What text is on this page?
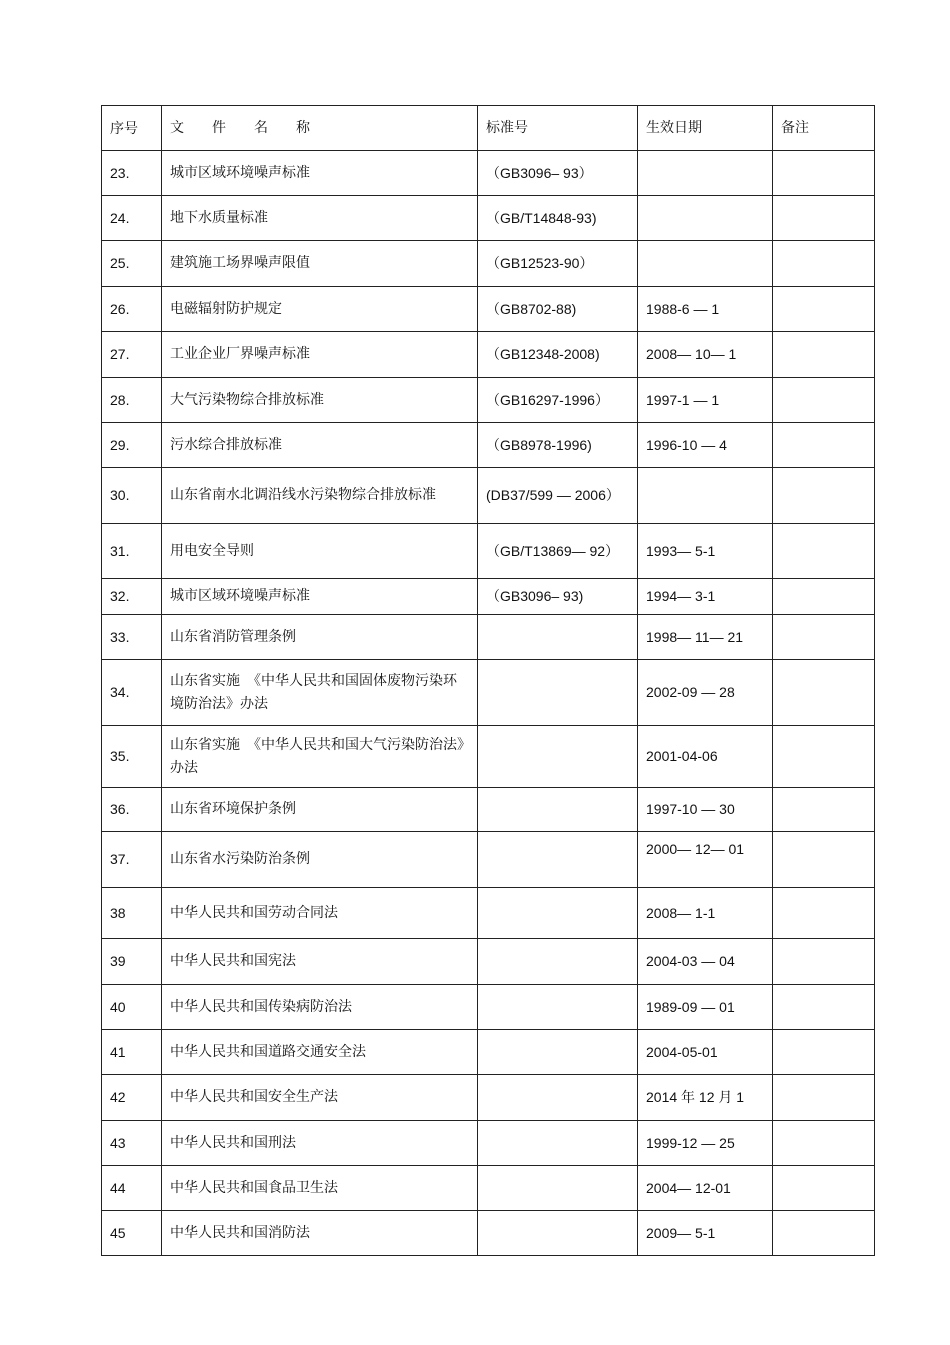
序号	文　　件　　名　　称	标准号	生效日期	备注
23.	城市区域环境噪声标准	（GB3096– 93）		
24.	地下水质量标准	（GB/T14848-93)		
25.	建筑施工场界噪声限值	（GB12523-90）		
26.	电磁辐射防护规定	（GB8702-88)	1988-6 — 1	
27.	工业企业厂界噪声标准	（GB12348-2008)	2008— 10— 1	
28.	大气污染物综合排放标准	（GB16297-1996）	1997-1 — 1	
29.	污水综合排放标准	（GB8978-1996)	1996-10 — 4	
30.	山东省南水北调沿线水污染物综合排放标准	(DB37/599 — 2006）		
31.	用电安全导则	（GB/T13869— 92）	1993— 5-1	
32.	城市区域环境噪声标准	（GB3096– 93)	1994— 3-1	
33.	山东省消防管理条例		1998— 11— 21	
34.	山东省实施　《中华人民共和国固体废物污染环境防治法》办法		2002-09 — 28	
35.	山东省实施　《中华人民共和国大气污染防治法》办法		2001-04-06	
36.	山东省环境保护条例		1997-10 — 30	
37.	山东省水污染防治条例		2000— 12— 01	
38	中华人民共和国劳动合同法		2008— 1-1	
39	中华人民共和国宪法		2004-03 — 04	
40	中华人民共和国传染病防治法		1989-09 — 01	
41	中华人民共和国道路交通安全法		2004-05-01	
42	中华人民共和国安全生产法		2014 年 12 月 1	
43	中华人民共和国刑法		1999-12 — 25	
44	中华人民共和国食品卫生法		2004— 12-01	
45	中华人民共和国消防法		2009— 5-1	
